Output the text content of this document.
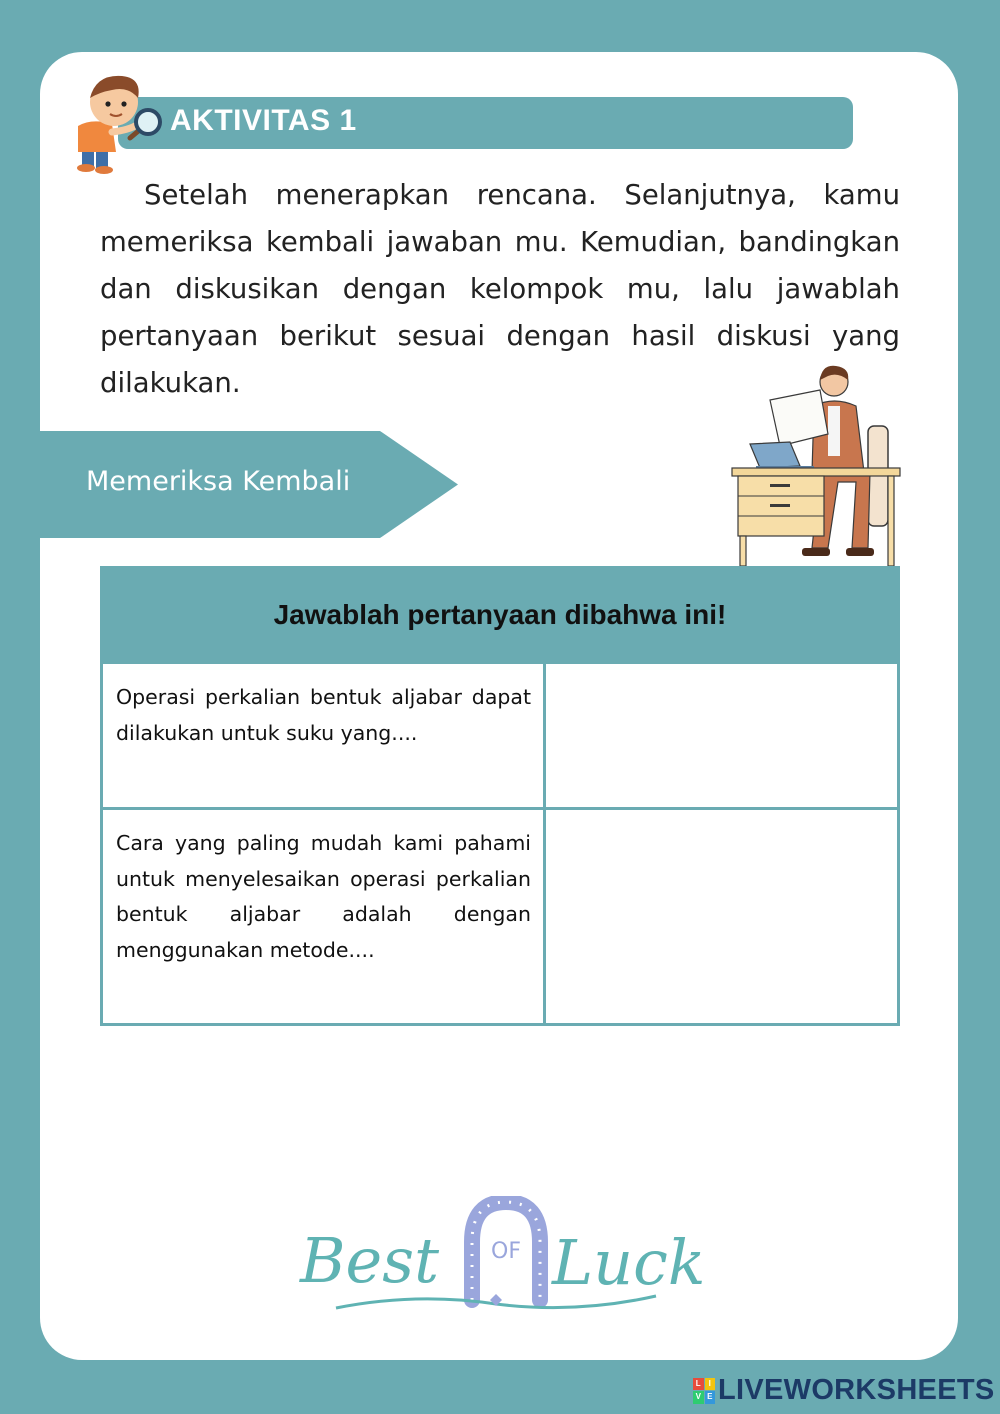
AKTIVITAS 1

Setelah menerapkan rencana. Selanjutnya, kamu memeriksa kembali jawaban mu. Kemudian, bandingkan dan diskusikan dengan kelompok mu, lalu jawablah pertanyaan berikut sesuai dengan hasil diskusi yang dilakukan.

Memeriksa Kembali
Jawablah pertanyaan dibahwa ini!
Operasi perkalian bentuk aljabar dapat dilakukan untuk suku yang....
Cara yang paling mudah kami pahami untuk menyelesaikan operasi perkalian bentuk aljabar adalah dengan menggunakan metode....
Best OF Luck
L I
V E LIVEWORKSHEETS
